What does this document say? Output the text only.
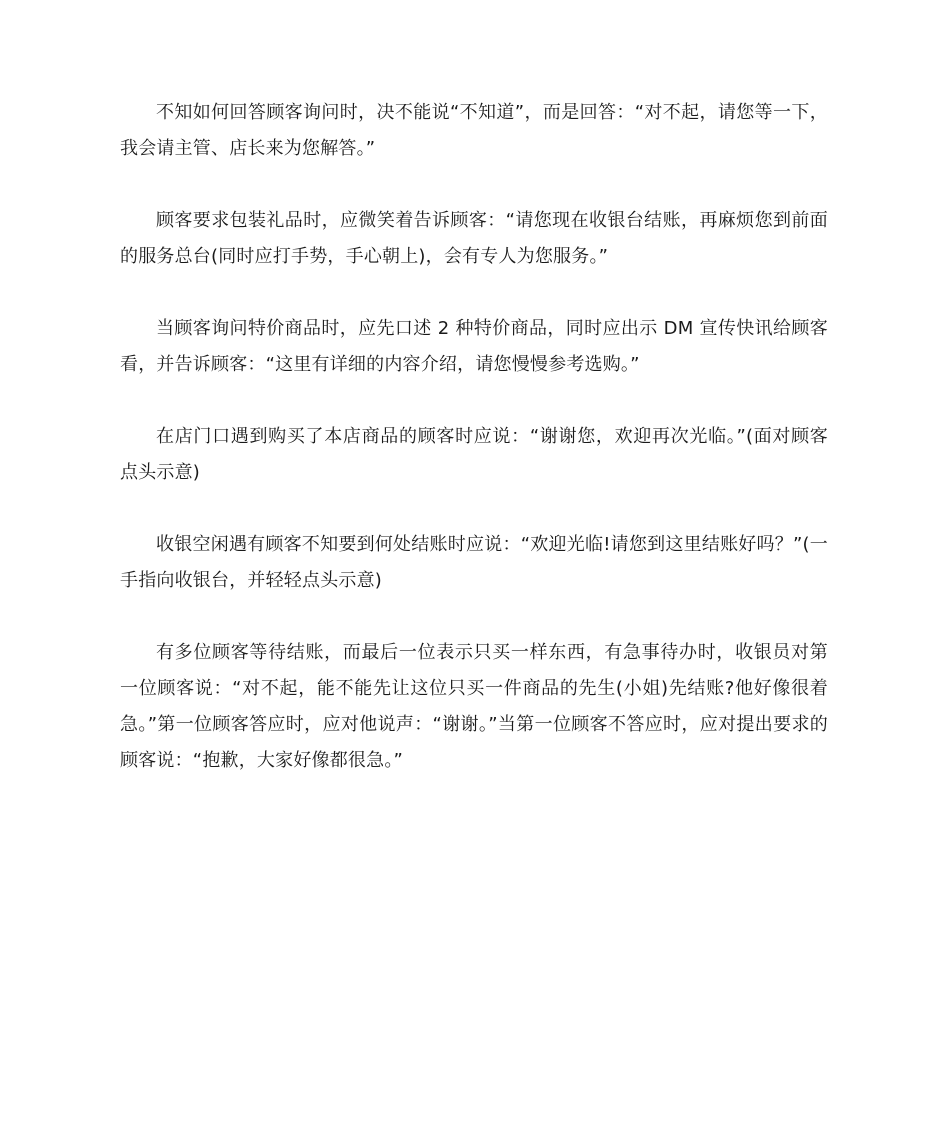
不知如何回答顾客询问时，决不能说“不知道”，而是回答：“对不起，请您等一下，我会请主管、店长来为您解答。”

顾客要求包装礼品时，应微笑着告诉顾客：“请您现在收银台结账，再麻烦您到前面的服务总台(同时应打手势，手心朝上)，会有专人为您服务。”

当顾客询问特价商品时，应先口述 2 种特价商品，同时应出示 DM 宣传快讯给顾客看，并告诉顾客：“这里有详细的内容介绍，请您慢慢参考选购。”

在店门口遇到购买了本店商品的顾客时应说：“谢谢您，欢迎再次光临。”(面对顾客点头示意)

收银空闲遇有顾客不知要到何处结账时应说：“欢迎光临!请您到这里结账好吗？”(一手指向收银台，并轻轻点头示意)

有多位顾客等待结账，而最后一位表示只买一样东西，有急事待办时，收银员对第一位顾客说：“对不起，能不能先让这位只买一件商品的先生(小姐)先结账?他好像很着急。”第一位顾客答应时，应对他说声：“谢谢。”当第一位顾客不答应时，应对提出要求的顾客说：“抱歉，大家好像都很急。”
